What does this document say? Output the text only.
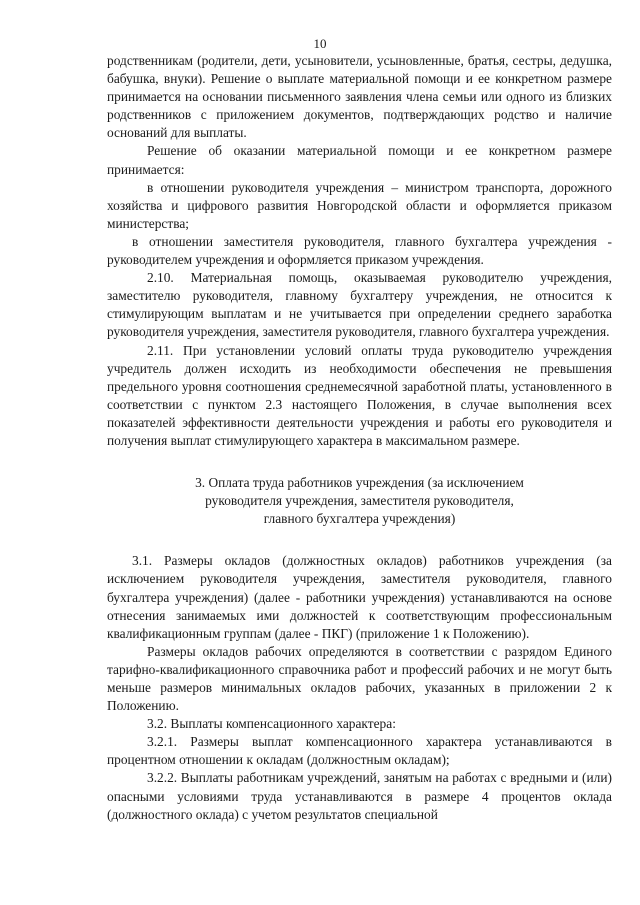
10

родственникам (родители, дети, усыновители, усыновленные, братья, сестры, дедушка, бабушка, внуки). Решение о выплате материальной помощи и ее конкретном размере принимается на основании письменного заявления члена семьи или одного из близких родственников с приложением документов, подтверждающих родство и наличие оснований для выплаты.

Решение об оказании материальной помощи и ее конкретном размере принимается:

в отношении руководителя учреждения – министром транспорта, дорожного хозяйства и цифрового развития Новгородской области и оформляется приказом министерства;

в отношении заместителя руководителя, главного бухгалтера учреждения - руководителем учреждения и оформляется приказом учреждения.

2.10. Материальная помощь, оказываемая руководителю учреждения, заместителю руководителя, главному бухгалтеру учреждения, не относится к стимулирующим выплатам и не учитывается при определении среднего заработка руководителя учреждения, заместителя руководителя, главного бухгалтера учреждения.

2.11. При установлении условий оплаты труда руководителю учреждения учредитель должен исходить из необходимости обеспечения не превышения предельного уровня соотношения среднемесячной заработной платы, установленного в соответствии с пунктом 2.3 настоящего Положения, в случае выполнения всех показателей эффективности деятельности учреждения и работы его руководителя и получения выплат стимулирующего характера в максимальном размере.

3. Оплата труда работников учреждения (за исключением
руководителя учреждения, заместителя руководителя,
главного бухгалтера учреждения)

3.1. Размеры окладов (должностных окладов) работников учреждения (за исключением руководителя учреждения, заместителя руководителя, главного бухгалтера учреждения) (далее - работники учреждения) устанавливаются на основе отнесения занимаемых ими должностей к соответствующим профессиональным квалификационным группам (далее - ПКГ) (приложение 1 к Положению).

Размеры окладов рабочих определяются в соответствии с разрядом Единого тарифно-квалификационного справочника работ и профессий рабочих и не могут быть меньше размеров минимальных окладов рабочих, указанных в приложении 2 к Положению.

3.2. Выплаты компенсационного характера:

3.2.1. Размеры выплат компенсационного характера устанавливаются в процентном отношении к окладам (должностным окладам);

3.2.2. Выплаты работникам учреждений, занятым на работах с вредными и (или) опасными условиями труда устанавливаются в размере 4 процентов оклада (должностного оклада) с учетом результатов специальной
